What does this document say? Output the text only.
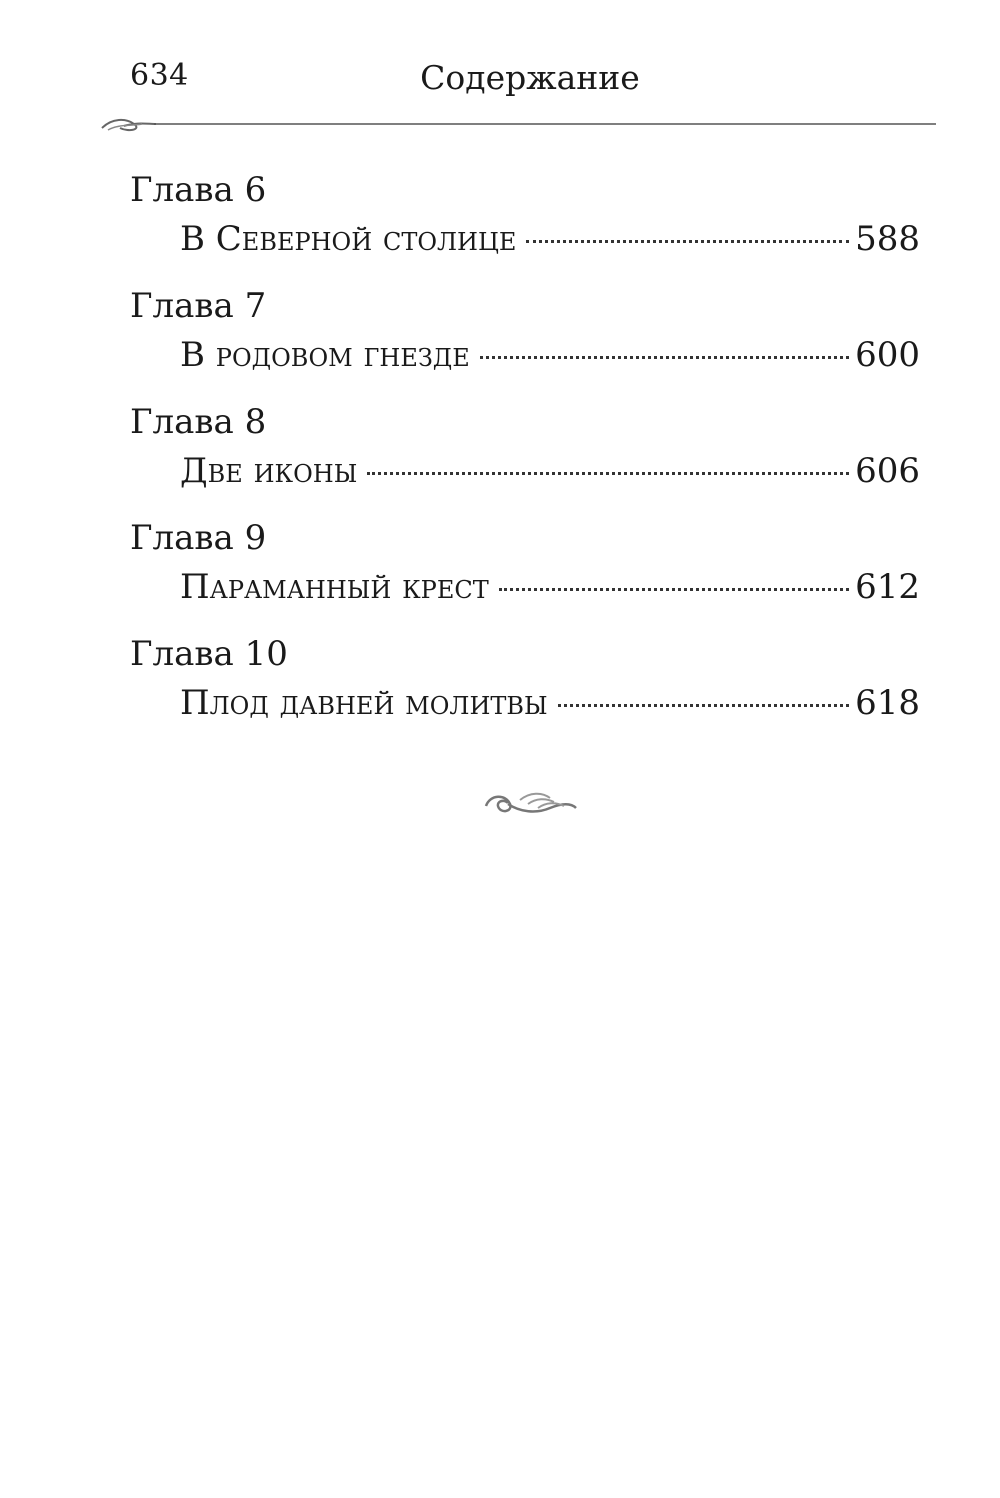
634	Содержание
Глава 6
В Северной столице	588
Глава 7
В родовом гнезде	600
Глава 8
Две иконы	606
Глава 9
Параманный крест	612
Глава 10
Плод давней молитвы	618
